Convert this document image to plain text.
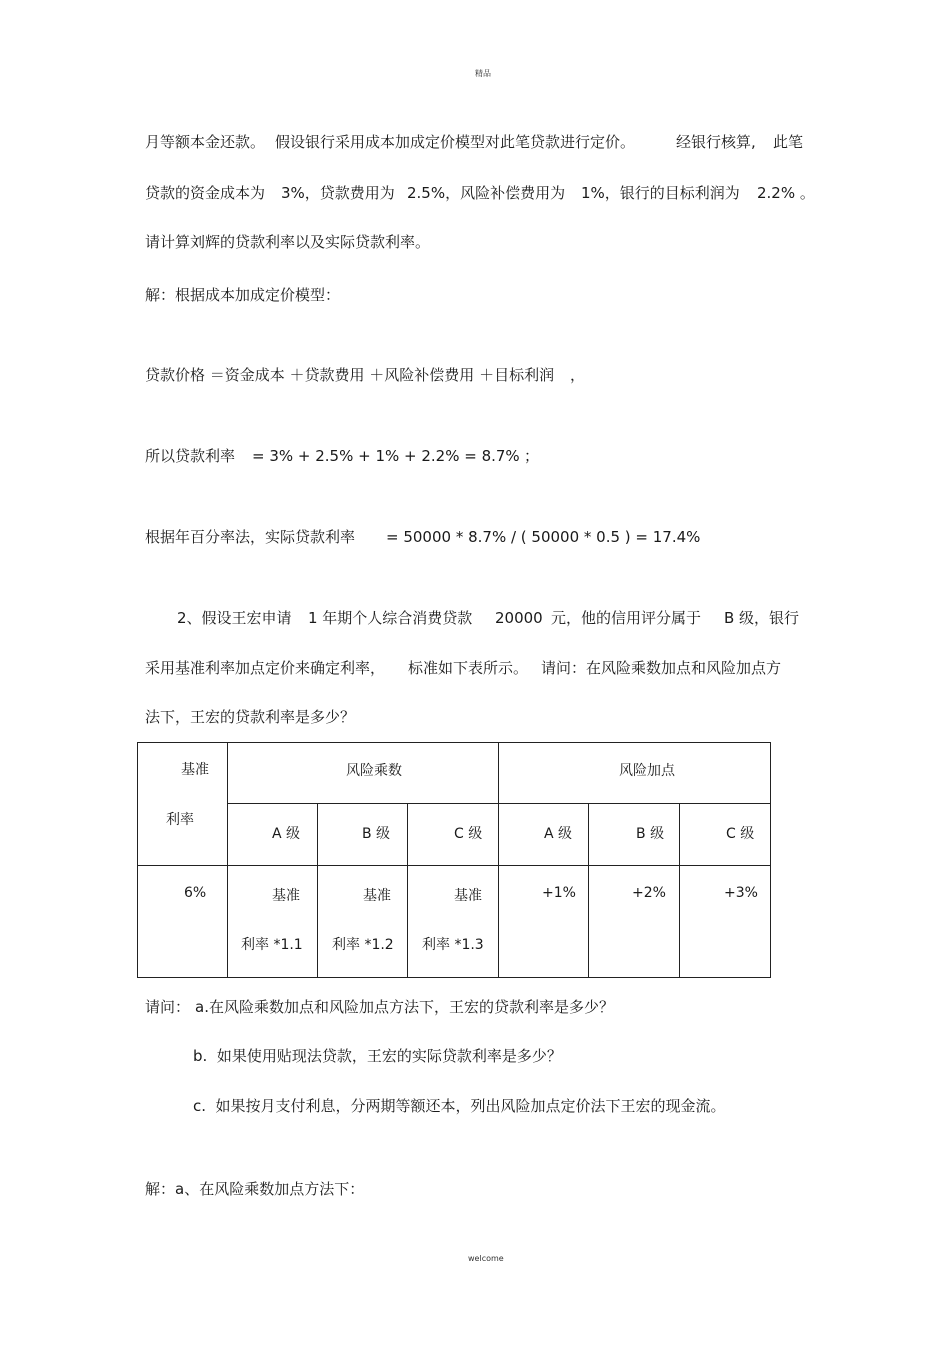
精品
welcome
月等额本金还款。 假设银行采用成本加成定价模型对此笔贷款进行定价。	经银行核算, 此笔
贷款的资金成本为 3%，贷款费用为 2.5%，风险补偿费用为 1%，银行的目标利润为 2.2% 。
请计算刘辉的贷款利率以及实际贷款利率。
解：根据成本加成定价模型：
贷款价格 ＝资金成本 ＋贷款费用 ＋风险补偿费用 ＋目标利润 ，
所以贷款利率 = 3% + 2.5% + 1% + 2.2% = 8.7% ；
根据年百分率法，实际贷款利率 = 50000 * 8.7% / ( 50000 * 0.5 ) = 17.4%
2、假设王宏申请 1 年期个人综合消费贷款 20000 元，他的信用评分属于 B 级，银行
采用基准利率加点定价来确定利率， 标准如下表所示。 请问：在风险乘数加点和风险加点方
法下，王宏的贷款利率是多少？
基准
利率	风险乘数			风险加点		

	A 级	B 级	C 级	A 级	B 级	C 级

6%	基准
利率 *1.1	基准
利率 *1.2	基准
利率 *1.3	+1%	+2%	+3%
请问： a.在风险乘数加点和风险加点方法下，王宏的贷款利率是多少？
b.  如果使用贴现法贷款，王宏的实际贷款利率是多少？
c.  如果按月支付利息，分两期等额还本，列出风险加点定价法下王宏的现金流。
解：a、在风险乘数加点方法下：
